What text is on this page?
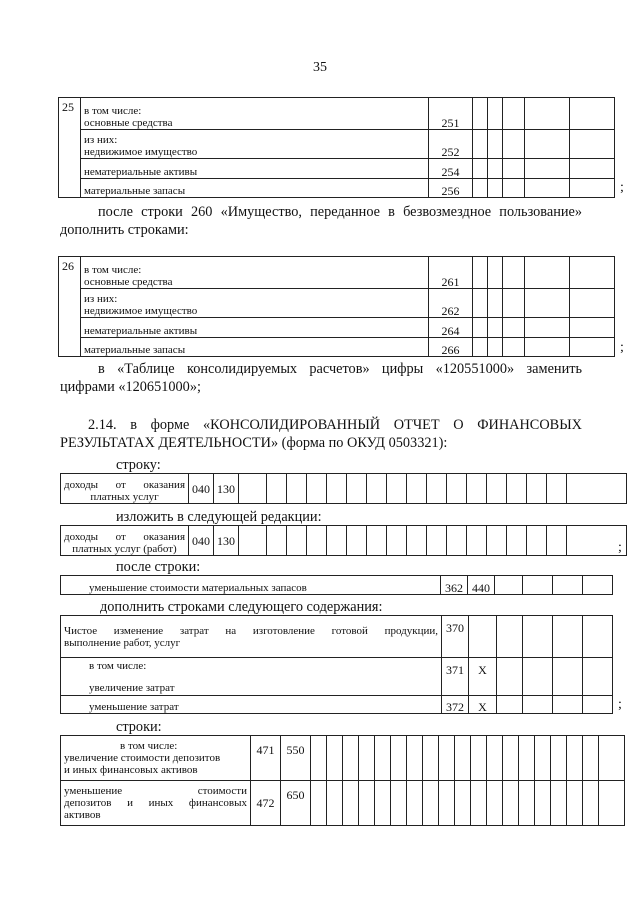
35
25	в том числе:
основные средства	251					

	из них:
недвижимое имущество	252					
	нематериальные активы	254					
	материальные запасы	256						;
после строки 260 «Имущество, переданное в безвозмездное пользование»
дополнить строками:
26	в том числе:
основные средства	261					

	из них:
недвижимое имущество	262					
	нематериальные активы	264					
	материальные запасы	266						;
в «Таблице консолидируемых расчетов» цифры «120551000» заменить
цифрами «120651000»;
2.14. в форме «КОНСОЛИДИРОВАННЫЙ ОТЧЕТ О ФИНАНСОВЫХ
РЕЗУЛЬТАТАХ ДЕЯТЕЛЬНОСТИ» (форма по ОКУД 0503321):
строку:
доходы от оказания
платных услуг
	040	130																	
изложить в следующей редакции:
доходы от оказания
платных услуг (работ)
	040	130																		;
после строки:
уменьшение стоимости материальных запасов	362	440				
дополнить строками следующего содержания:
Чистое изменение затрат на изготовление готовой продукции,
выполнение работ, услуг	370					

в том числе:
увеличение затрат	371	X				
уменьшение затрат	372	X					;
строки:
в том числе:
увеличение стоимости депозитов
и иных финансовых активов	471	550																			

уменьшение стоимости
депозитов и иных финансовых
активов	472	650																			
